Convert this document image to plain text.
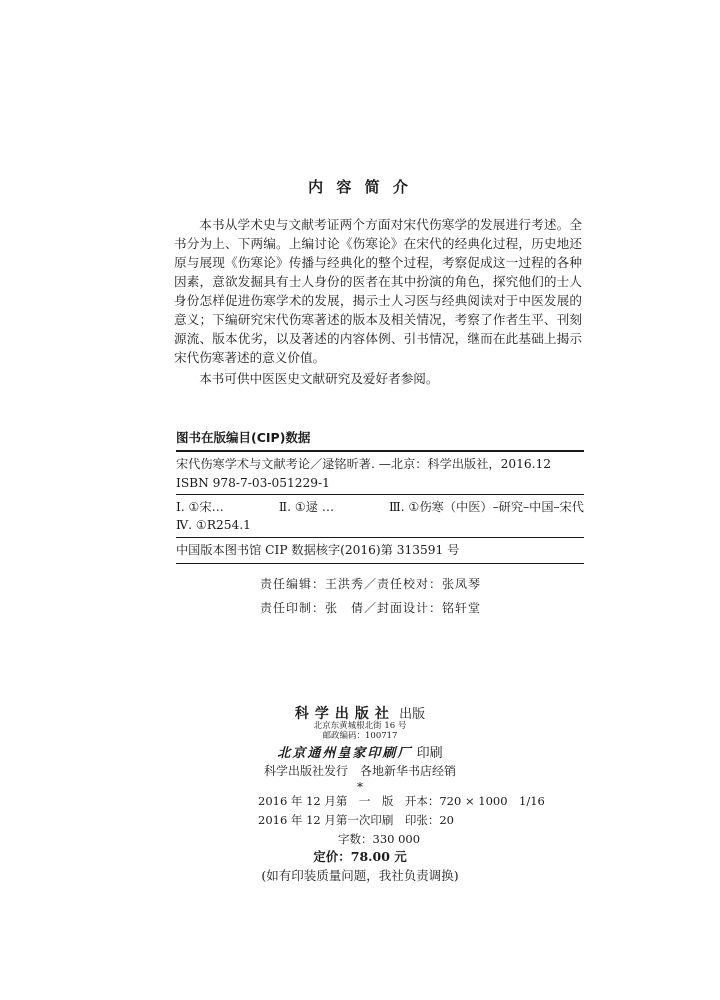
内 容 简 介

本书从学术史与文献考证两个方面对宋代伤寒学的发展进行考述。全书分为上、下两编。上编讨论《伤寒论》在宋代的经典化过程，历史地还原与展现《伤寒论》传播与经典化的整个过程，考察促成这一过程的各种因素，意欲发掘具有士人身份的医者在其中扮演的角色，探究他们的士人身份怎样促进伤寒学术的发展，揭示士人习医与经典阅读对于中医发展的意义；下编研究宋代伤寒著述的版本及相关情况，考察了作者生平、刊刻源流、版本优劣，以及著述的内容体例、引书情况，继而在此基础上揭示宋代伤寒著述的意义价值。

本书可供中医医史文献研究及爱好者参阅。

图书在版编目(CIP)数据
宋代伤寒学术与文献考论／逯铭昕著. —北京：科学出版社，2016.12
ISBN 978-7-03-051229-1
Ⅰ. ①宋…	Ⅱ. ①逯 …	Ⅲ. ①伤寒（中医）–研究–中国–宋代
Ⅳ. ①R254.1
中国版本图书馆 CIP 数据核字(2016)第 313591 号
责任编辑：王洪秀／责任校对：张凤琴
责任印制：张　倩／封面设计：铭轩堂
科学出版社 出版
北京东黄城根北街 16 号
邮政编码：100717
北京通州皇家印刷厂 印刷
科学出版社发行　各地新华书店经销
*
2016 年 12 月第　一　版　开本：720 × 1000　1/16
2016 年 12 月第一次印刷　印张：20
字数：330 000
定价：78.00 元
(如有印装质量问题，我社负责调换)
